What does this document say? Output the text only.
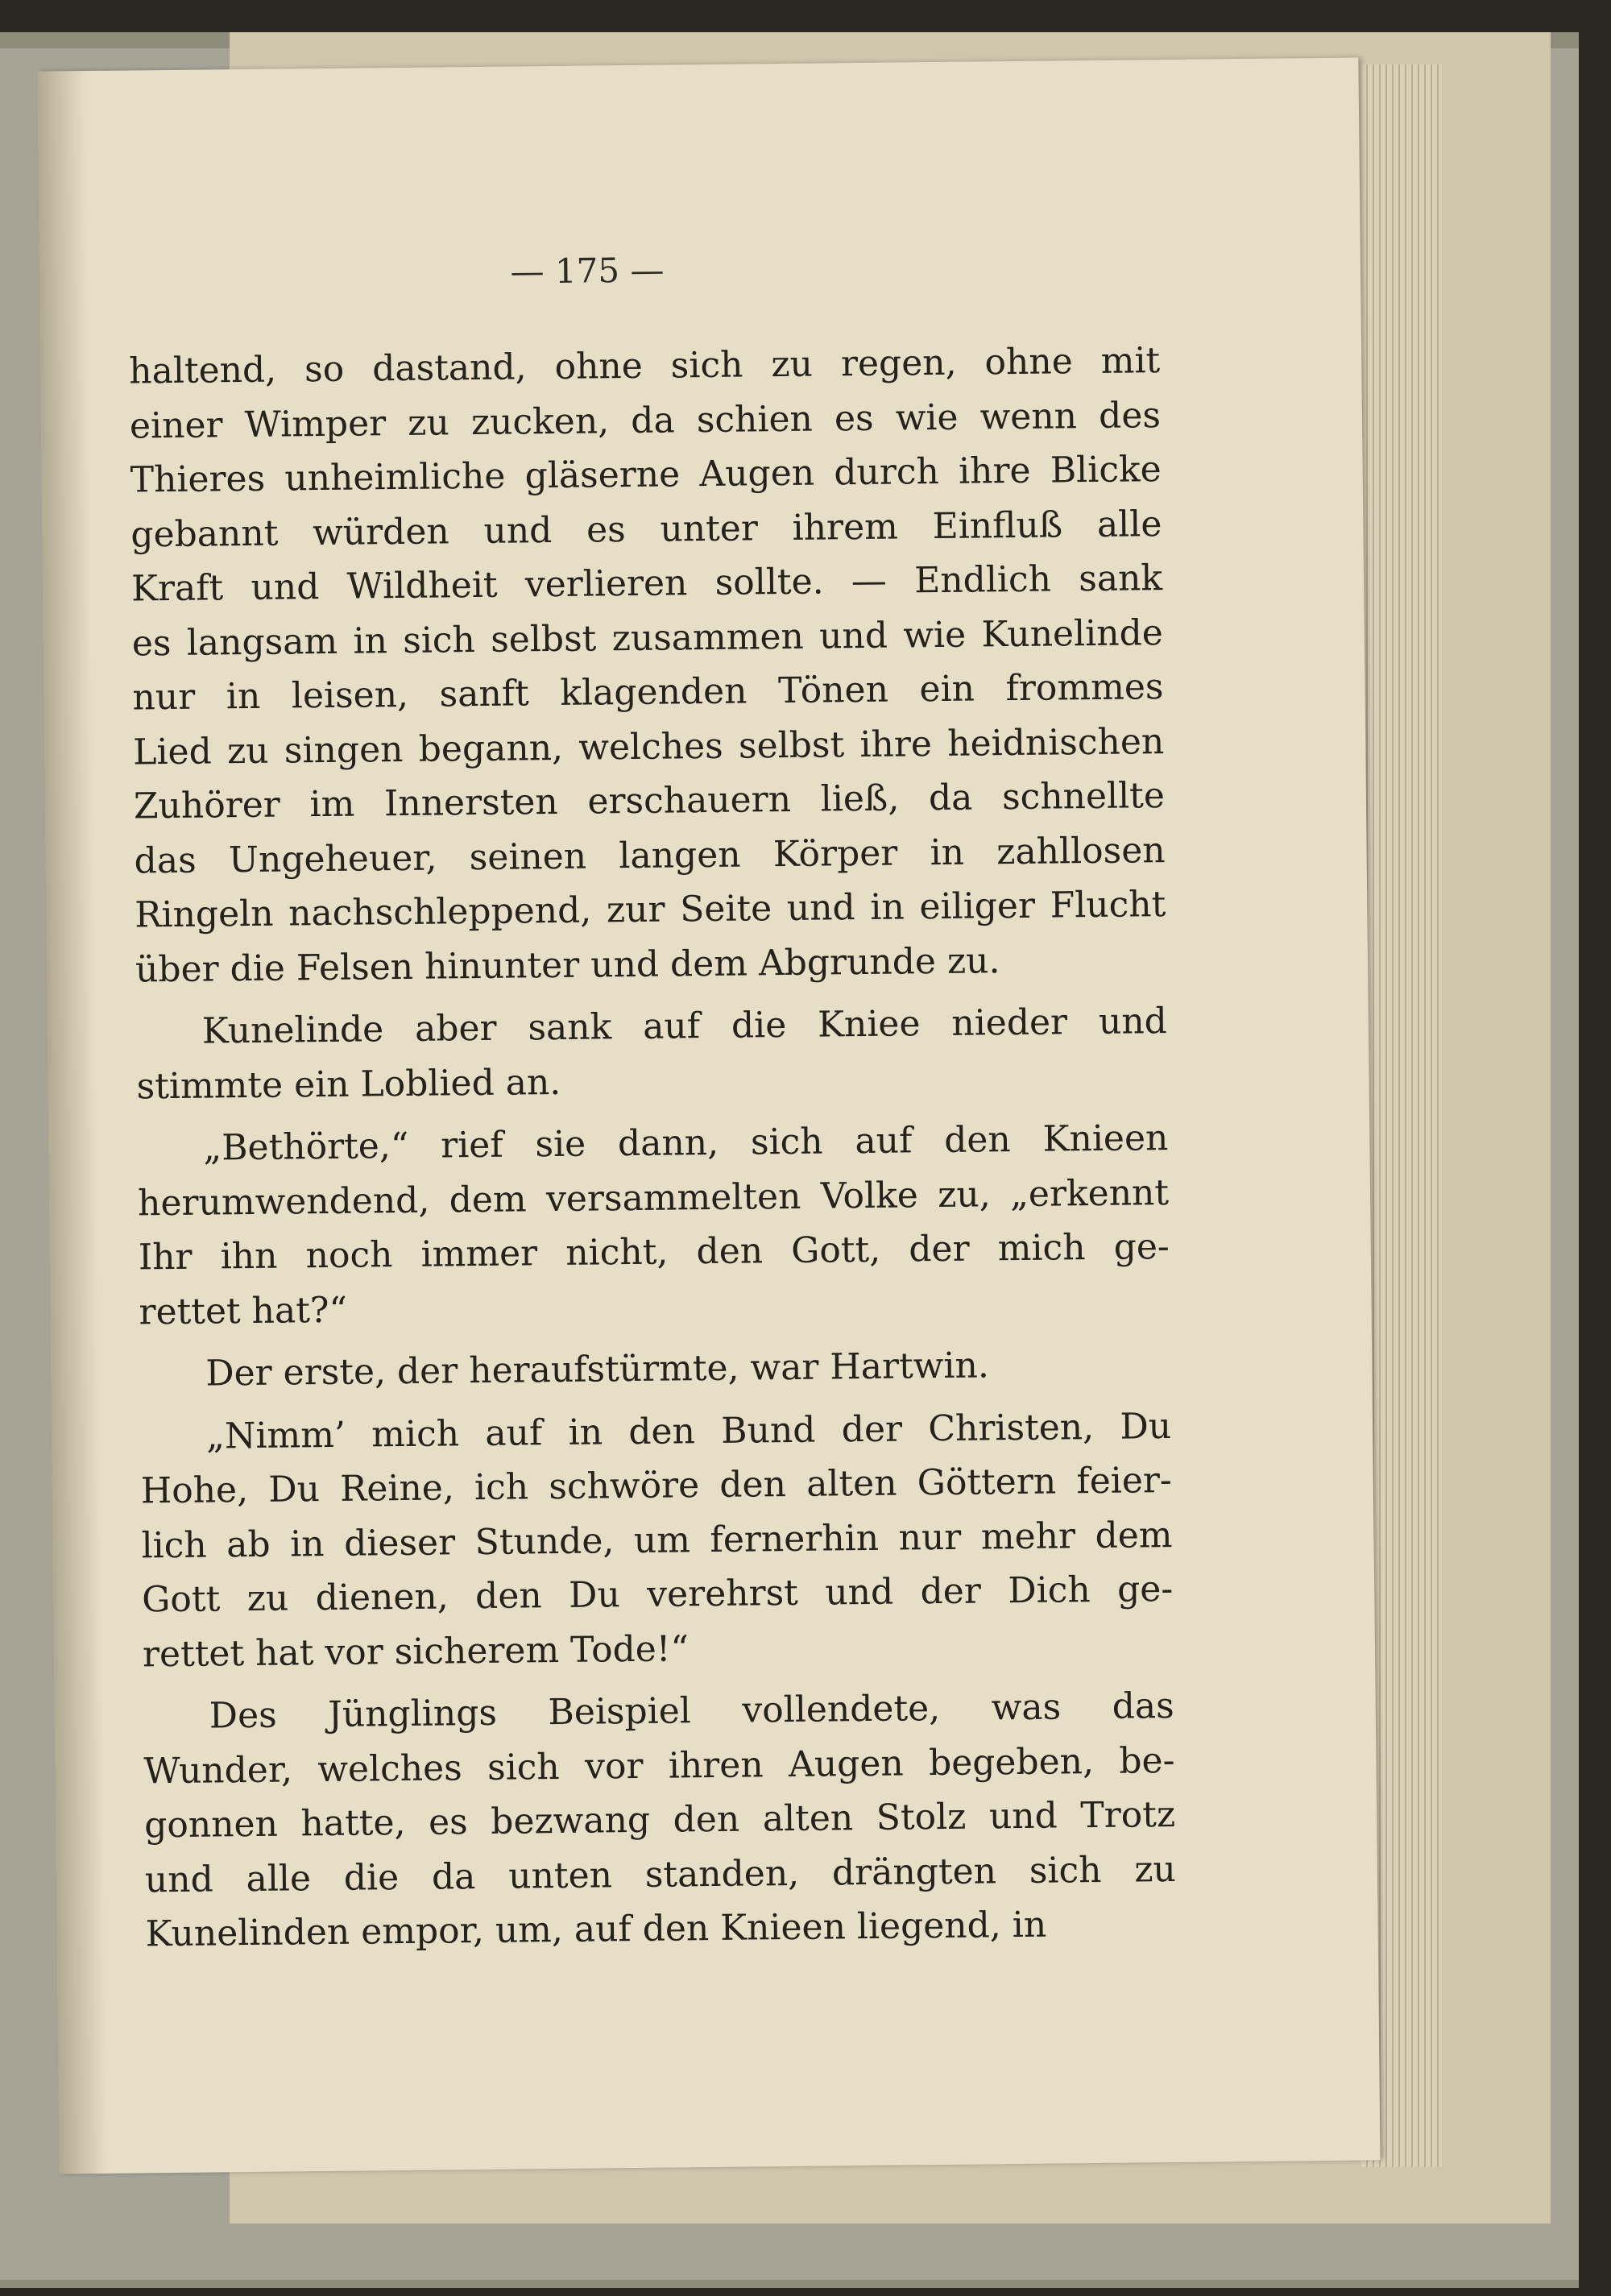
— 175 —
haltend, so dastand, ohne sich zu regen, ohne mit
einer Wimper zu zucken, da schien es wie wenn des
Thieres unheimliche gläserne Augen durch ihre Blicke
gebannt würden und es unter ihrem Einfluß alle
Kraft und Wildheit verlieren sollte. — Endlich sank
es langsam in sich selbst zusammen und wie Kunelinde
nur in leisen, sanft klagenden Tönen ein frommes
Lied zu singen begann, welches selbst ihre heidnischen
Zuhörer im Innersten erschauern ließ, da schnellte
das Ungeheuer, seinen langen Körper in zahllosen
Ringeln nachschleppend, zur Seite und in eiliger Flucht
über die Felsen hinunter und dem Abgrunde zu.
Kunelinde aber sank auf die Kniee nieder und
stimmte ein Loblied an.
„Bethörte,“ rief sie dann, sich auf den Knieen
herumwendend, dem versammelten Volke zu, „erkennt
Ihr ihn noch immer nicht, den Gott, der mich ge-
rettet hat?“
Der erste, der heraufstürmte, war Hartwin.
„Nimm’ mich auf in den Bund der Christen, Du
Hohe, Du Reine, ich schwöre den alten Göttern feier-
lich ab in dieser Stunde, um fernerhin nur mehr dem
Gott zu dienen, den Du verehrst und der Dich ge-
rettet hat vor sicherem Tode!“
Des Jünglings Beispiel vollendete, was das
Wunder, welches sich vor ihren Augen begeben, be-
gonnen hatte, es bezwang den alten Stolz und Trotz
und alle die da unten standen, drängten sich zu
Kunelinden empor, um, auf den Knieen liegend, in
